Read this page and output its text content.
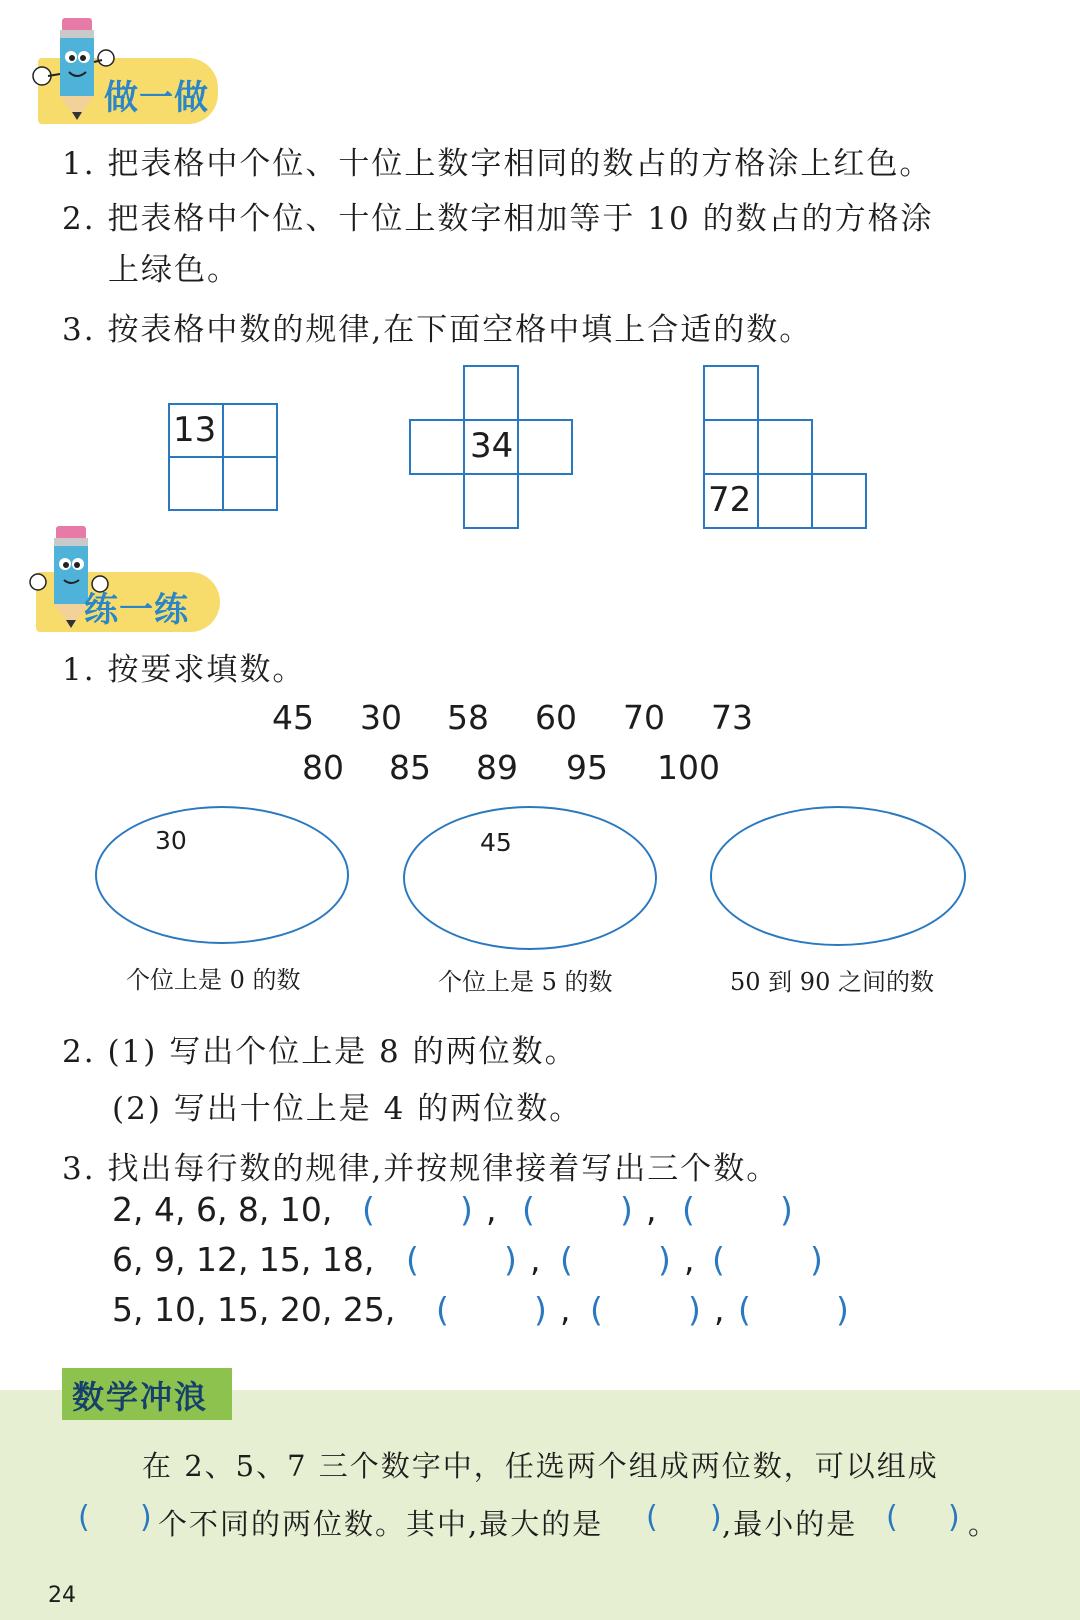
做一做
1. 把表格中个位、十位上数字相同的数占的方格涂上红色。
2. 把表格中个位、十位上数字相加等于 10 的数占的方格涂
上绿色。
3. 按表格中数的规律,在下面空格中填上合适的数。
13	34
72
练一练
1. 按要求填数。
45 30 58 60 70 73
80 85 89 95 100
30
个位上是 0 的数
45
个位上是 5 的数	50 到 90 之间的数
2. (1) 写出个位上是 8 的两位数。
(2) 写出十位上是 4 的两位数。
3. 找出每行数的规律,并按规律接着写出三个数。
2, 4, 6, 8, 10, (	) , (	) , (	)
6, 9, 12, 15, 18, (	) , (	) , (	)
5, 10, 15, 20, 25, (	) , (	) , (	)
数学冲浪
在 2、5、7 三个数字中，任选两个组成两位数，可以组成
( ) 个不同的两位数。其中,最大的是 ( ) ,最小的是 ( ) 。
24
